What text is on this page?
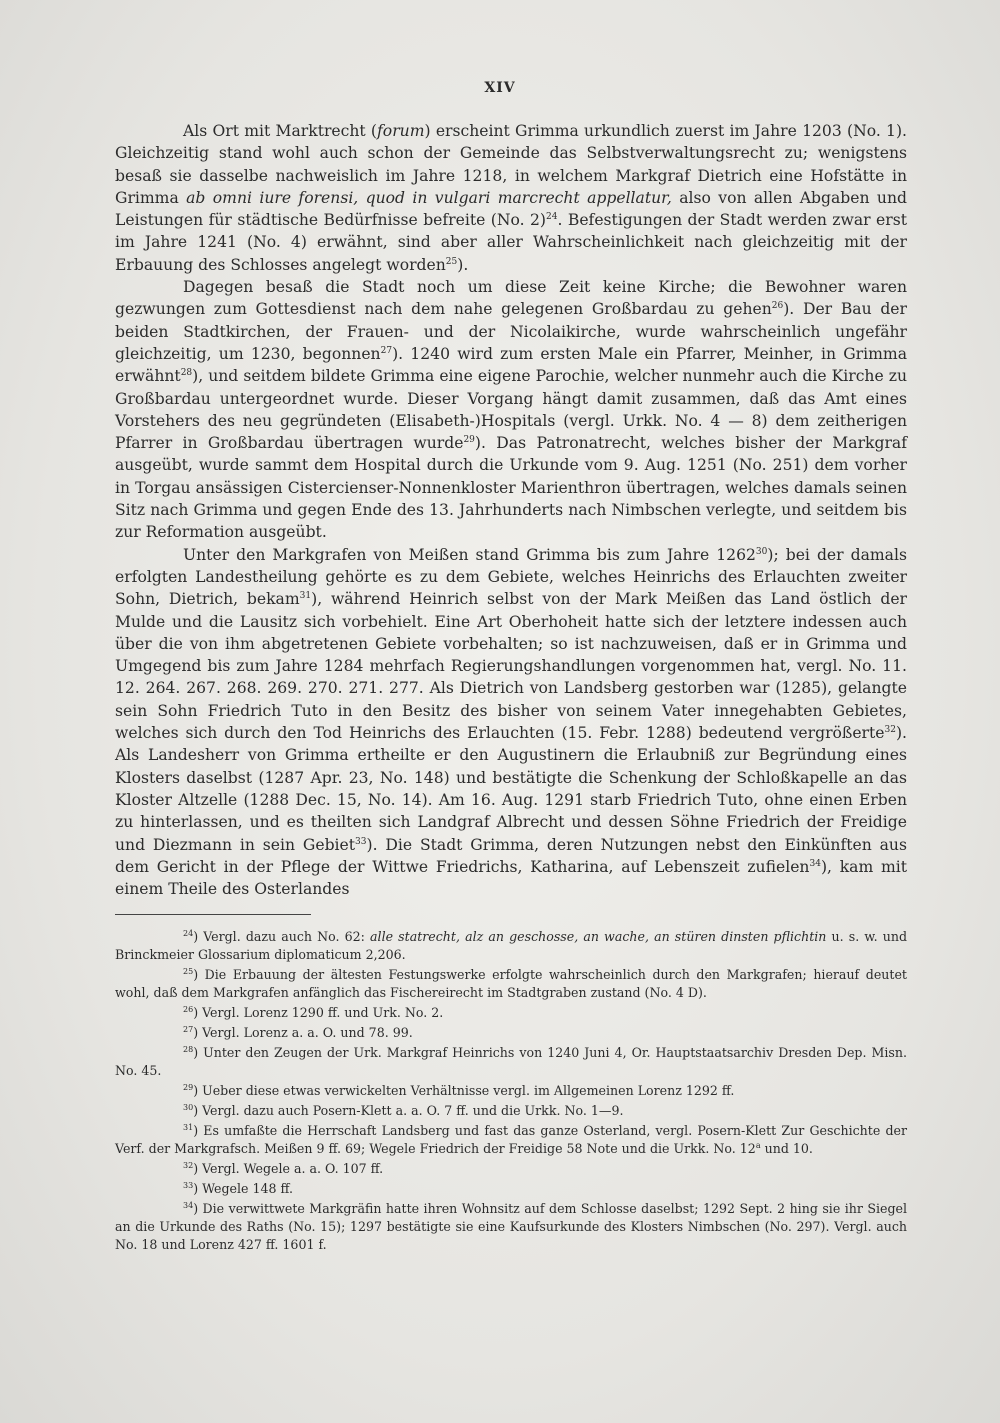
XIV

Als Ort mit Marktrecht (forum) erscheint Grimma urkundlich zuerst im Jahre 1203 (No. 1). Gleichzeitig stand wohl auch schon der Gemeinde das Selbstverwaltungsrecht zu; wenigstens besaß sie dasselbe nachweislich im Jahre 1218, in welchem Markgraf Dietrich eine Hofstätte in Grimma ab omni iure forensi, quod in vulgari marcrecht appellatur, also von allen Abgaben und Leistungen für städtische Bedürfnisse befreite (No. 2)$^{24}$. Befestigungen der Stadt werden zwar erst im Jahre 1241 (No. 4) erwähnt, sind aber aller Wahrscheinlichkeit nach gleichzeitig mit der Erbauung des Schlosses angelegt worden$^{25}$).

Dagegen besaß die Stadt noch um diese Zeit keine Kirche; die Bewohner waren gezwungen zum Gottesdienst nach dem nahe gelegenen Großbardau zu gehen$^{26}$). Der Bau der beiden Stadtkirchen, der Frauen- und der Nicolaikirche, wurde wahrscheinlich ungefähr gleichzeitig, um 1230, begonnen$^{27}$). 1240 wird zum ersten Male ein Pfarrer, Meinher, in Grimma erwähnt$^{28}$), und seitdem bildete Grimma eine eigene Parochie, welcher nunmehr auch die Kirche zu Großbardau untergeordnet wurde. Dieser Vorgang hängt damit zusammen, daß das Amt eines Vorstehers des neu gegründeten (Elisabeth-)Hospitals (vergl. Urkk. No. 4 — 8) dem zeitherigen Pfarrer in Großbardau übertragen wurde$^{29}$). Das Patronatrecht, welches bisher der Markgraf ausgeübt, wurde sammt dem Hospital durch die Urkunde vom 9. Aug. 1251 (No. 251) dem vorher in Torgau ansässigen Cistercienser-Nonnenkloster Marienthron übertragen, welches damals seinen Sitz nach Grimma und gegen Ende des 13. Jahrhunderts nach Nimbschen verlegte, und seitdem bis zur Reformation ausgeübt.

Unter den Markgrafen von Meißen stand Grimma bis zum Jahre 1262$^{30}$); bei der damals erfolgten Landestheilung gehörte es zu dem Gebiete, welches Heinrichs des Erlauchten zweiter Sohn, Dietrich, bekam$^{31}$), während Heinrich selbst von der Mark Meißen das Land östlich der Mulde und die Lausitz sich vorbehielt. Eine Art Oberhoheit hatte sich der letztere indessen auch über die von ihm abgetretenen Gebiete vorbehalten; so ist nachzuweisen, daß er in Grimma und Umgegend bis zum Jahre 1284 mehrfach Regierungshandlungen vorgenommen hat, vergl. No. 11. 12. 264. 267. 268. 269. 270. 271. 277. Als Dietrich von Landsberg gestorben war (1285), gelangte sein Sohn Friedrich Tuto in den Besitz des bisher von seinem Vater innegehabten Gebietes, welches sich durch den Tod Heinrichs des Erlauchten (15. Febr. 1288) bedeutend vergrößerte$^{32}$). Als Landesherr von Grimma ertheilte er den Augustinern die Erlaubniß zur Begründung eines Klosters daselbst (1287 Apr. 23, No. 148) und bestätigte die Schenkung der Schloßkapelle an das Kloster Altzelle (1288 Dec. 15, No. 14). Am 16. Aug. 1291 starb Friedrich Tuto, ohne einen Erben zu hinterlassen, und es theilten sich Landgraf Albrecht und dessen Söhne Friedrich der Freidige und Diezmann in sein Gebiet$^{33}$). Die Stadt Grimma, deren Nutzungen nebst den Einkünften aus dem Gericht in der Pflege der Wittwe Friedrichs, Katharina, auf Lebenszeit zufielen$^{34}$), kam mit einem Theile des Osterlandes

$^{24}$) Vergl. dazu auch No. 62: alle statrecht, alz an geschosse, an wache, an stüren dinsten pflichtin u. s. w. und Brinckmeier Glossarium diplomaticum 2,206.

$^{25}$) Die Erbauung der ältesten Festungswerke erfolgte wahrscheinlich durch den Markgrafen; hierauf deutet wohl, daß dem Markgrafen anfänglich das Fischereirecht im Stadtgraben zustand (No. 4 D).

$^{26}$) Vergl. Lorenz 1290 ff. und Urk. No. 2.

$^{27}$) Vergl. Lorenz a. a. O. und 78. 99.

$^{28}$) Unter den Zeugen der Urk. Markgraf Heinrichs von 1240 Juni 4, Or. Hauptstaatsarchiv Dresden Dep. Misn. No. 45.

$^{29}$) Ueber diese etwas verwickelten Verhältnisse vergl. im Allgemeinen Lorenz 1292 ff.

$^{30}$) Vergl. dazu auch Posern-Klett a. a. O. 7 ff. und die Urkk. No. 1—9.

$^{31}$) Es umfaßte die Herrschaft Landsberg und fast das ganze Osterland, vergl. Posern-Klett Zur Geschichte der Verf. der Markgrafsch. Meißen 9 ff. 69; Wegele Friedrich der Freidige 58 Note und die Urkk. No. 12$^a$ und 10.

$^{32}$) Vergl. Wegele a. a. O. 107 ff.

$^{33}$) Wegele 148 ff.

$^{34}$) Die verwittwete Markgräfin hatte ihren Wohnsitz auf dem Schlosse daselbst; 1292 Sept. 2 hing sie ihr Siegel an die Urkunde des Raths (No. 15); 1297 bestätigte sie eine Kaufsurkunde des Klosters Nimbschen (No. 297). Vergl. auch No. 18 und Lorenz 427 ff. 1601 f.
